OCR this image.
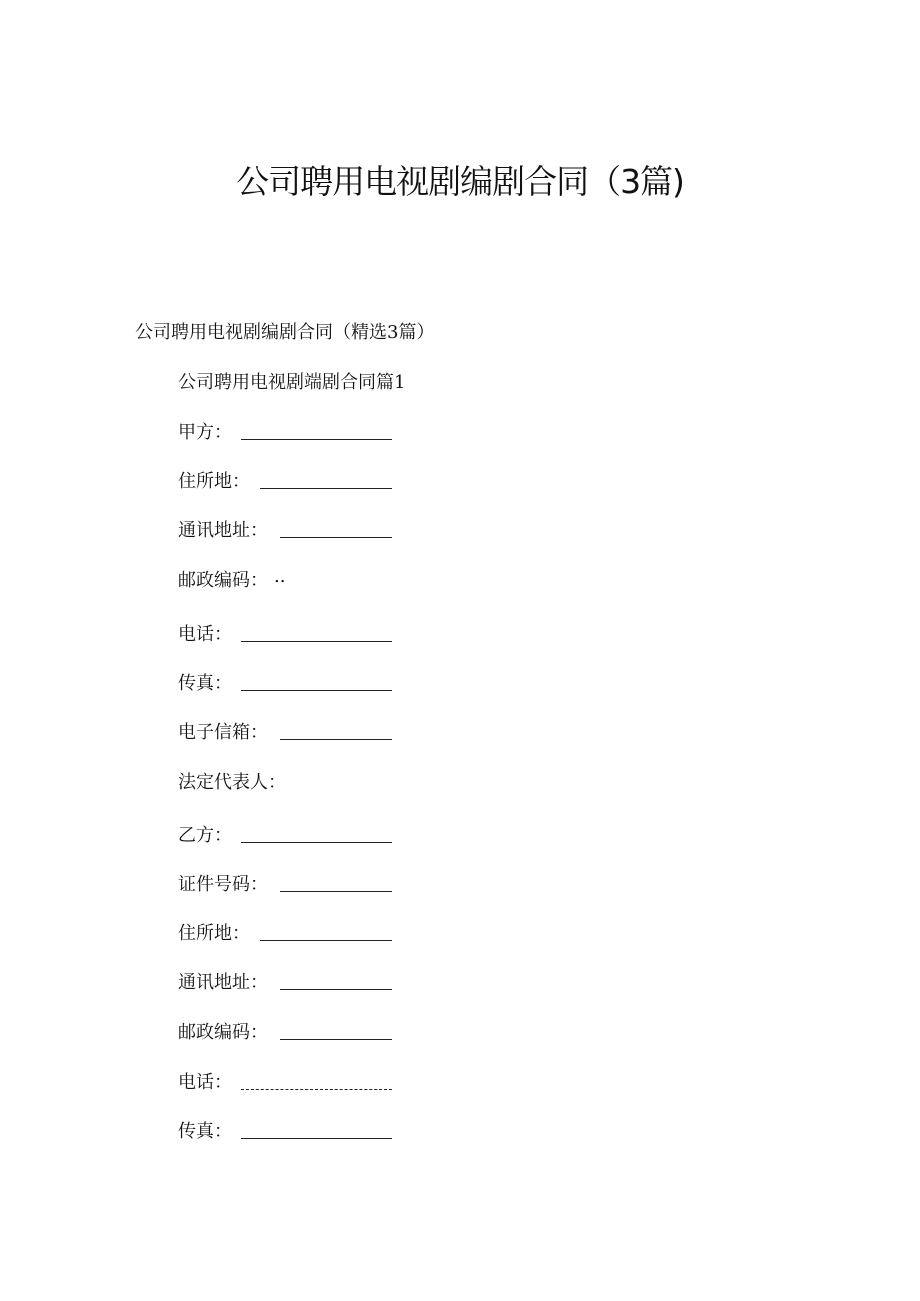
公司聘用电视剧编剧合同（3篇)

公司聘用电视剧编剧合同（精选3篇）

公司聘用电视剧端剧合同篇1

甲方：
住所地：
通讯地址：
邮政编码： ..
电话：
传真：
电子信箱：
法定代表人：
乙方：
证件号码：
住所地：
通讯地址：
邮政编码：
电话：
传真：
